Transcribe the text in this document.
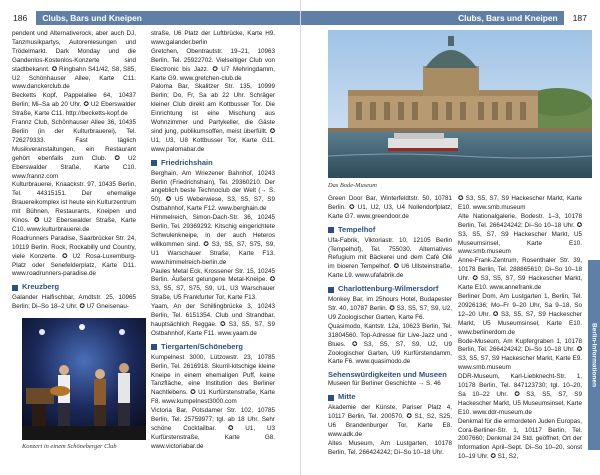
186	Clubs, Bars und Kneipen

pendent und Alternativerock, aber auch DJ, Tanzmusikpartys, Autorenlesungen und Trödelmarkt. Dark Monday und die Gandenlos-Kostenlos-Konzerte sind stadtbekannt. ✪ Ringbahn S41/42, S8, S85, U2 Schönhauser Allee, Karte C11. www.danckerclub.de

Becketts Kopf, Pappelallee 64, 10437 Berlin; Mi–Sa ab 20 Uhr. ✪ U2 Eberswalder Straße, Karte C11. http://becketts-kopf.de

Frannz Club, Schönhauser Allee 36, 10435 Berlin (in der Kulturbrauerei), Tel. 726279333. Fast täglich Musikveranstaltungen, ein Restaurant gehört ebenfalls zum Club. ✪ U2 Eberswalder Straße, Karte C10. www.frannz.com

Kulturbrauerei, Knaackstr. 97, 10435 Berlin, Tel. 44315151. Der ehemalige Brauereikomplex ist heute ein Kulturzentrum mit Bühnen, Restaurants, Kneipen und Kinos. ✪ U2 Eberswalder Straße, Karte C10. www.kulturbrauerei.de

Roadrunners Paradise, Saarbrücker Str. 24, 10119 Berlin. Rock, Rockabilly und Country, viele Konzerte. ✪ U2 Rosa-Luxemburg-Platz oder Senefelderplatz, Karte D11. www.roadrunners-paradise.de

Kreuzberg

Galander Halfischbar, Arndtstr. 25, 10965 Berlin; Di–So 18–2 Uhr. ✪ U7 Gneisenau-

Konzert in einem Schöneberger Club

straße, U6 Platz der Luftbrücke, Karte H9. www.galander.berlin

Gretchen, Obentrautstr. 19–21, 10963 Berlin, Tel. 25922702. Vielseitiger Club von Electronic bis Jazz. ✪ U7 Mehringdamm, Karte G9. www.gretchen-club.de

Paloma Bar, Skalitzer Str. 135, 10999 Berlin; Do, Fr, Sa ab 22 Uhr. Schräger kleiner Club direkt am Kottbusser Tor. Die Einrichtung ist eine Mischung aus Wohnzimmer und Partykeller, die Gäste sind jung, publikumsoffen, meist überfüllt. ✪ U1, U3, U8 Kottbusser Tor, Karte G11. www.palomabar.de

Friedrichshain

Berghain, Am Wriezener Bahnhof, 10243 Berlin (Friedrichshain), Tel. 29360210. Der angeblich beste Technoclub der Welt (→ S. 50). ✪ U5 Weberwiese, S3, S5, S7, S9 Ostbahnhof, Karte F12. www.berghain.de

Himmelreich, Simon-Dach-Str. 36, 10245 Berlin, Tel. 29369292. Kitschig eingerichtete Schwulenkneipe, in der auch Heteros willkommen sind. ✪ S3, S5, S7, S75, S9, U1 Warschauer Straße, Karte F13. www.himmelreich-berlin.de

Paules Metal Eck, Krossener Str. 15, 10245 Berlin. Äußerst gelungene Metal-Kneipe. ✪ S3, S5, S7, S75, S9, U1, U3 Warschauer Straße, U5 Frankfurter Tor, Karte F13.

Yaam, An der Schillingbrücke 3, 10243 Berlin, Tel. 6151354. Club und Strandbar, hauptsächlich Reggae. ✪ S3, S5, S7, S9 Ostbahnhof, Karte F11. www.yaam.de

Tiergarten/Schöneberg

Kumpelnest 3000, Lützowstr. 23, 10785 Berlin, Tel. 2616918. Skurril-kitschige kleine Kneipe in einem ehemaligen Puff, keine Tanzfläche, eine Institution des Berliner Nachtlebens. ✪ U1 Kurfürstenstraße, Karte F8. www.kumpelnest3000.com

Victoria Bar, Potsdamer Str. 102, 10785 Berlin, Tel. 25759977; tgl. ab 18 Uhr. Sehr schöne Cocktailbar. ✪ U1, U3 Kurfürstenstraße, Karte G8. www.victoriabar.de

Clubs, Bars und Kneipen	187
Das Bode-Museum

Green Door Bar, Winterfeldtstr. 50, 10781 Berlin. ✪ U1, U2, U3, U4 Nollendorfplatz, Karte G7. www.greendoor.de

Tempelhof

Ufa-Fabrik, Viktoriastr. 10, 12105 Berlin (Tempelhof), Tel. 755030. Alternatives Refugium mit Bäckerei und dem Café Olé im bioeren Tempelhof. ✪ U6 Ullsteinstraße, Karte L9. www.ufafabrik.de

Charlottenburg-Wilmersdorf

Monkey Bar, im 25hours Hotel, Budapester Str. 40, 10787 Berlin. ✪ S3, S5, S7, S9, U2, U9 Zoologischer Garten, Karte F6.

Quasimodo, Kantstr. 12a, 10623 Berlin, Tel. 31804560. Top-Adresse für Live-Jazz und -Blues. ✪ S3, S5, S7, S9, U2, U9 Zoologischer Garten, U9 Kurfürstendamm, Karte F6. www.quasimodo.de

Sehenswürdigkeiten und Museen

Museen für Berliner Geschichte → S. 46

Mitte

Akademie der Künste, Pariser Platz 4, 10117 Berlin, Tel. 200570. ✪ S1, S2, S25, U6 Brandenburger Tor, Karte E8. www.adk.de

Altes Museum, Am Lustgarten, 10178 Berlin, Tel. 266424242; Di–So 10–18 Uhr.

✪ S3, S5, S7, S9 Hackescher Markt, Karte E10. www.smb.museum

Alte Nationalgalerie, Bodestr. 1–3, 10178 Berlin, Tel. 266424242; Di–So 10–18 Uhr. ✪ S3, S5, S7, S9 Hackescher Markt, U5 Museumsinsel, Karte E10. www.smb.museum

Anne-Frank-Zentrum, Rosenthaler Str. 39, 10178 Berlin, Tel. 288865610; Di–So 10–18 Uhr. ✪ S3, S5, S7, S9 Hackescher Markt, Karte E10. www.annefrank.de

Berliner Dom, Am Lustgarten 1, Berlin, Tel. 20926136; Mo–Fr 9–20 Uhr, Sa 9–18, So 12–20 Uhr. ✪ S3, S5, S7, S9 Hackescher Markt, U5 Museumsinsel, Karte E10. www.berlinerdom.de

Bode-Museum, Am Kupfergraben 1, 10178 Berlin, Tel. 266424242; Di–So 10–18 Uhr. ✪ S3, S5, S7, S9 Hackescher Markt, Karte E9. www.smb.museum

DDR-Museum, Karl-Liebknecht-Str. 1, 10178 Berlin, Tel. 847123730; tgl. 10–20, Sa 10–22 Uhr. ✪ S3, S5, S7, S9 Hackescher Markt, U5 Museumsinsel, Karte E10. www.ddr-museum.de

Denkmal für die ermordeten Juden Europas, Cora-Berliner-Str. 1, 10117 Berlin, Tel. 2007660; Denkmal 24 Std. geöffnet, Ort der Information April–Sept. Di–So 10–20, sonst 10–19 Uhr. ✪ S1, S2,

Berlin-Informationen
